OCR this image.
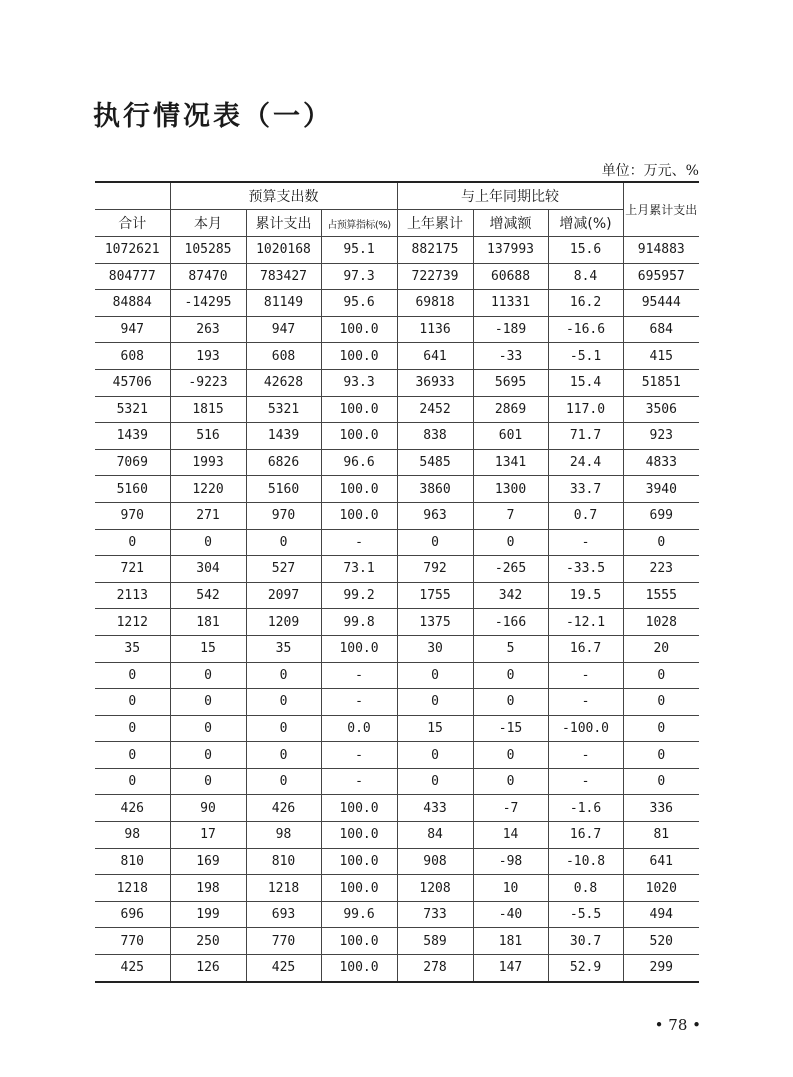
执行情况表（一）
单位：万元、%
	预算支出数			与上年同期比较			上月累计支出
合计	本月	累计支出	占预算指标(%)	上年累计	增减额	增减(%)	
1072621	105285	1020168	95.1	882175	137993	15.6	914883
804777	87470	783427	97.3	722739	60688	8.4	695957
84884	-14295	81149	95.6	69818	11331	16.2	95444
947	263	947	100.0	1136	-189	-16.6	684
608	193	608	100.0	641	-33	-5.1	415
45706	-9223	42628	93.3	36933	5695	15.4	51851
5321	1815	5321	100.0	2452	2869	117.0	3506
1439	516	1439	100.0	838	601	71.7	923
7069	1993	6826	96.6	5485	1341	24.4	4833
5160	1220	5160	100.0	3860	1300	33.7	3940
970	271	970	100.0	963	7	0.7	699
0	0	0	-	0	0	-	0
721	304	527	73.1	792	-265	-33.5	223
2113	542	2097	99.2	1755	342	19.5	1555
1212	181	1209	99.8	1375	-166	-12.1	1028
35	15	35	100.0	30	5	16.7	20
0	0	0	-	0	0	-	0
0	0	0	-	0	0	-	0
0	0	0	0.0	15	-15	-100.0	0
0	0	0	-	0	0	-	0
0	0	0	-	0	0	-	0
426	90	426	100.0	433	-7	-1.6	336
98	17	98	100.0	84	14	16.7	81
810	169	810	100.0	908	-98	-10.8	641
1218	198	1218	100.0	1208	10	0.8	1020
696	199	693	99.6	733	-40	-5.5	494
770	250	770	100.0	589	181	30.7	520
425	126	425	100.0	278	147	52.9	299
• 78 •
